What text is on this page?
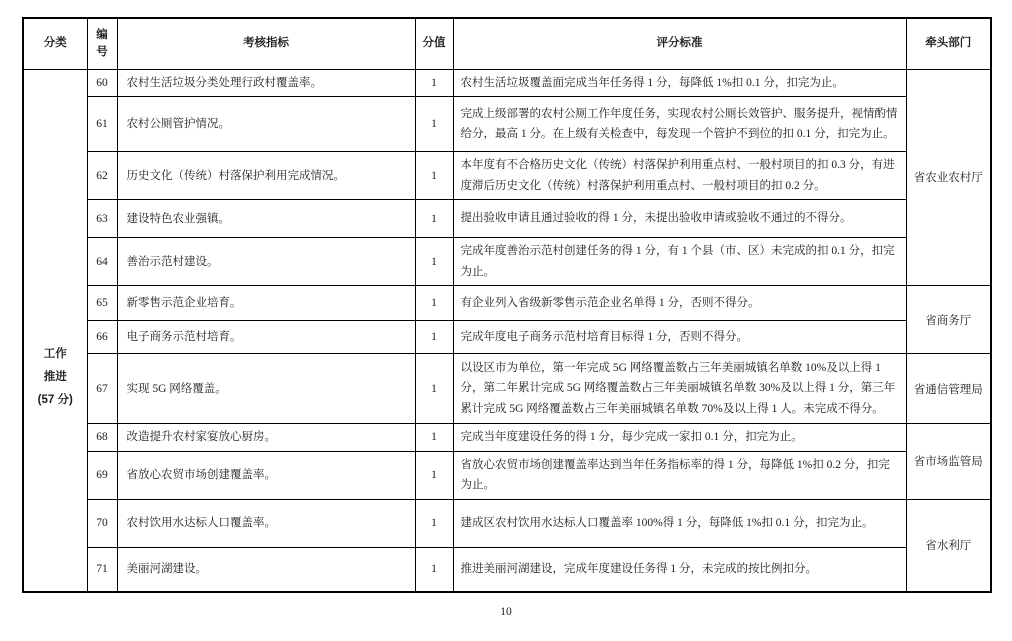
分类	编号	考核指标	分值	评分标准	牵头部门

工作
推进
(57 分)	60	农村生活垃圾分类处理行政村覆盖率。	1	农村生活垃圾覆盖面完成当年任务得 1 分，每降低 1%扣 0.1 分，扣完为止。	省农业农村厅
	61	农村公厕管护情况。	1	完成上级部署的农村公厕工作年度任务，实现农村公厕长效管护、服务提升，视情酌情给分，最高 1 分。在上级有关检查中，每发现一个管护不到位的扣 0.1 分，扣完为止。	
	62	历史文化（传统）村落保护利用完成情况。	1	本年度有不合格历史文化（传统）村落保护利用重点村、一般村项目的扣 0.3 分，有进度滞后历史文化（传统）村落保护利用重点村、一般村项目的扣 0.2 分。	
	63	建设特色农业强镇。	1	提出验收申请且通过验收的得 1 分，未提出验收申请或验收不通过的不得分。	
	64	善治示范村建设。	1	完成年度善治示范村创建任务的得 1 分，有 1 个县（市、区）未完成的扣 0.1 分，扣完为止。	
	65	新零售示范企业培育。	1	有企业列入省级新零售示范企业名单得 1 分，否则不得分。	省商务厅
	66	电子商务示范村培育。	1	完成年度电子商务示范村培育目标得 1 分，否则不得分。	
	67	实现 5G 网络覆盖。	1	以设区市为单位，第一年完成 5G 网络覆盖数占三年美丽城镇名单数 10%及以上得 1 分，第二年累计完成 5G 网络覆盖数占三年美丽城镇名单数 30%及以上得 1 分，第三年累计完成 5G 网络覆盖数占三年美丽城镇名单数 70%及以上得 1 人。未完成不得分。	省通信管理局
	68	改造提升农村家宴放心厨房。	1	完成当年度建设任务的得 1 分，每少完成一家扣 0.1 分，扣完为止。	省市场监管局
	69	省放心农贸市场创建覆盖率。	1	省放心农贸市场创建覆盖率达到当年任务指标率的得 1 分，每降低 1%扣 0.2 分，扣完为止。	
	70	农村饮用水达标人口覆盖率。	1	建成区农村饮用水达标人口覆盖率 100%得 1 分，每降低 1%扣 0.1 分，扣完为止。	省水利厅
	71	美丽河湖建设。	1	推进美丽河湖建设，完成年度建设任务得 1 分，未完成的按比例扣分。	
10
